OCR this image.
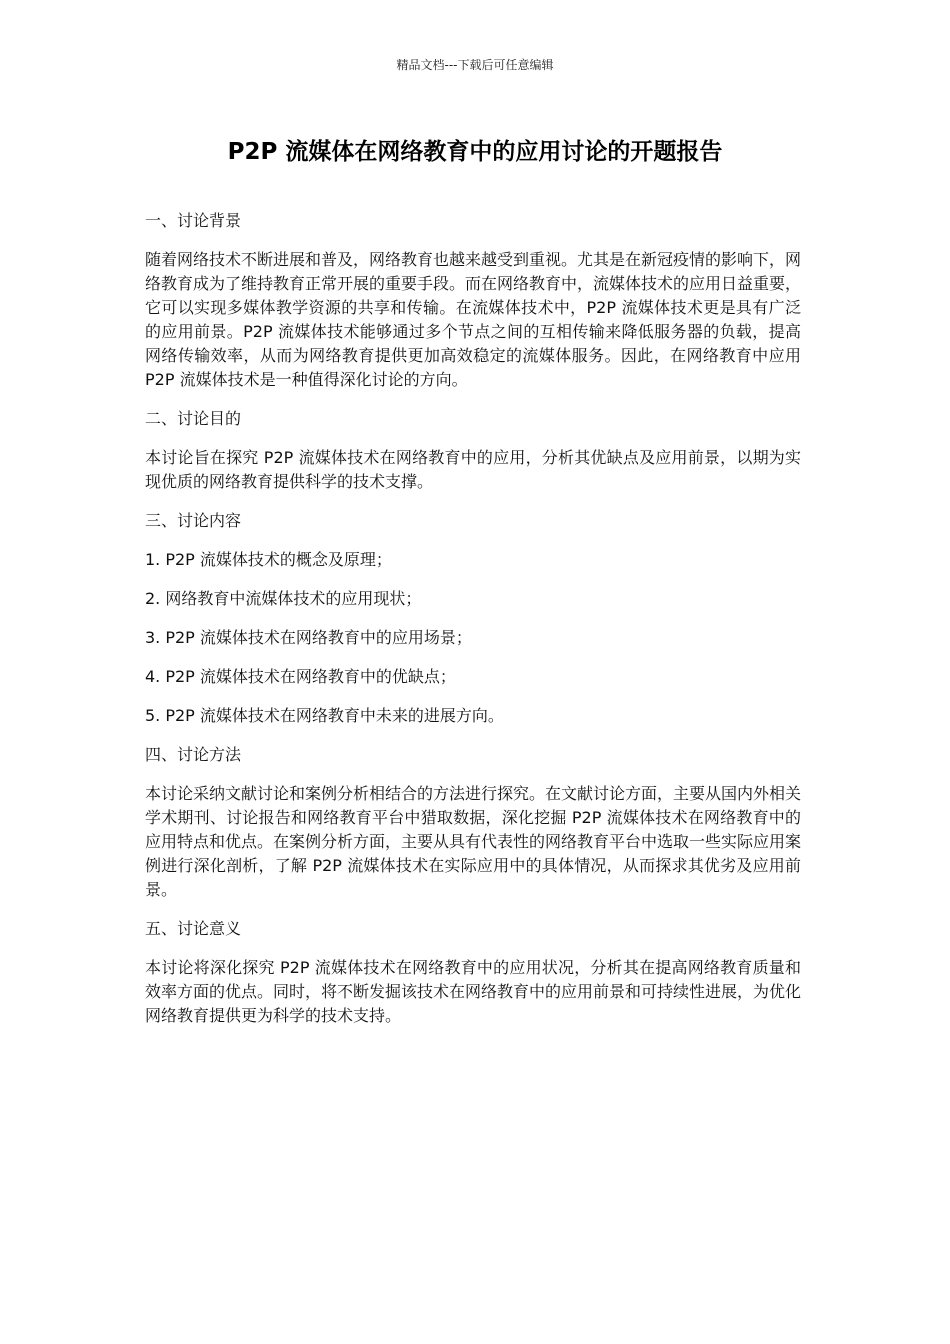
精品文档---下载后可任意编辑
P2P 流媒体在网络教育中的应用讨论的开题报告

一、讨论背景

随着网络技术不断进展和普及，网络教育也越来越受到重视。尤其是在新冠疫情的影响下，网络教育成为了维持教育正常开展的重要手段。而在网络教育中，流媒体技术的应用日益重要，它可以实现多媒体教学资源的共享和传输。在流媒体技术中，P2P 流媒体技术更是具有广泛的应用前景。P2P 流媒体技术能够通过多个节点之间的互相传输来降低服务器的负载，提高网络传输效率，从而为网络教育提供更加高效稳定的流媒体服务。因此，在网络教育中应用 P2P 流媒体技术是一种值得深化讨论的方向。

二、讨论目的

本讨论旨在探究 P2P 流媒体技术在网络教育中的应用，分析其优缺点及应用前景，以期为实现优质的网络教育提供科学的技术支撑。

三、讨论内容

1. P2P 流媒体技术的概念及原理；

2. 网络教育中流媒体技术的应用现状；

3. P2P 流媒体技术在网络教育中的应用场景；

4. P2P 流媒体技术在网络教育中的优缺点；

5. P2P 流媒体技术在网络教育中未来的进展方向。

四、讨论方法

本讨论采纳文献讨论和案例分析相结合的方法进行探究。在文献讨论方面，主要从国内外相关学术期刊、讨论报告和网络教育平台中猎取数据，深化挖掘 P2P 流媒体技术在网络教育中的应用特点和优点。在案例分析方面，主要从具有代表性的网络教育平台中选取一些实际应用案例进行深化剖析，了解 P2P 流媒体技术在实际应用中的具体情况，从而探求其优劣及应用前景。

五、讨论意义

本讨论将深化探究 P2P 流媒体技术在网络教育中的应用状况，分析其在提高网络教育质量和效率方面的优点。同时，将不断发掘该技术在网络教育中的应用前景和可持续性进展，为优化网络教育提供更为科学的技术支持。
